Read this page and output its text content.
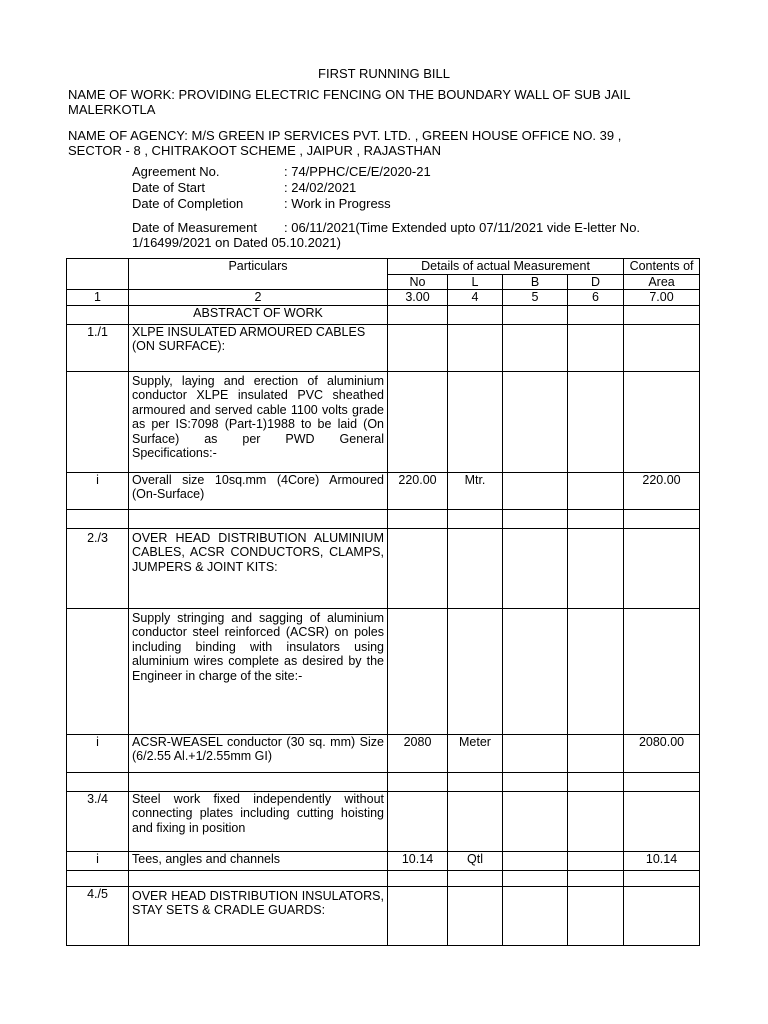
FIRST RUNNING BILL
NAME OF WORK: PROVIDING ELECTRIC FENCING ON THE BOUNDARY WALL OF SUB JAIL
MALERKOTLA
NAME OF AGENCY: M/S GREEN IP SERVICES PVT. LTD. , GREEN HOUSE OFFICE NO. 39 ,
SECTOR - 8 , CHITRAKOOT SCHEME , JAIPUR , RAJASTHAN
Agreement No.	: 74/PPHC/CE/E/2020-21
Date of Start	: 24/02/2021
Date of Completion	: Work in Progress
Date of Measurement : 06/11/2021(Time Extended upto 07/11/2021 vide E-letter No.
1/16499/2021 on Dated 05.10.2021)
	Particulars	Details of actual Measurement				Contents of
		No	L	B	D	Area
1	2	3.00	4	5	6	7.00
	ABSTRACT OF WORK					
1./1	XLPE INSULATED ARMOURED CABLES (ON SURFACE):					
	Supply, laying and erection of aluminium conductor XLPE insulated PVC sheathed armoured and served cable 1100 volts grade as per IS:7098 (Part-1)1988 to be laid (On Surface) as per PWD General Specifications:-					
i	Overall size 10sq.mm (4Core) Armoured (On-Surface)	220.00	Mtr.			220.00

2./3	OVER HEAD DISTRIBUTION ALUMINIUM CABLES, ACSR CONDUCTORS, CLAMPS, JUMPERS & JOINT KITS:					
	Supply stringing and sagging of aluminium conductor steel reinforced (ACSR) on poles including binding with insulators using aluminium wires complete as desired by the Engineer in charge of the site:-					
i	ACSR-WEASEL conductor (30 sq. mm) Size (6/2.55 Al.+1/2.55mm GI)	2080	Meter			2080.00

3./4	Steel work fixed independently without connecting plates including cutting hoisting and fixing in position					
i	Tees, angles and channels	10.14	Qtl			10.14

4./5	OVER HEAD DISTRIBUTION INSULATORS, STAY SETS & CRADLE GUARDS:					
